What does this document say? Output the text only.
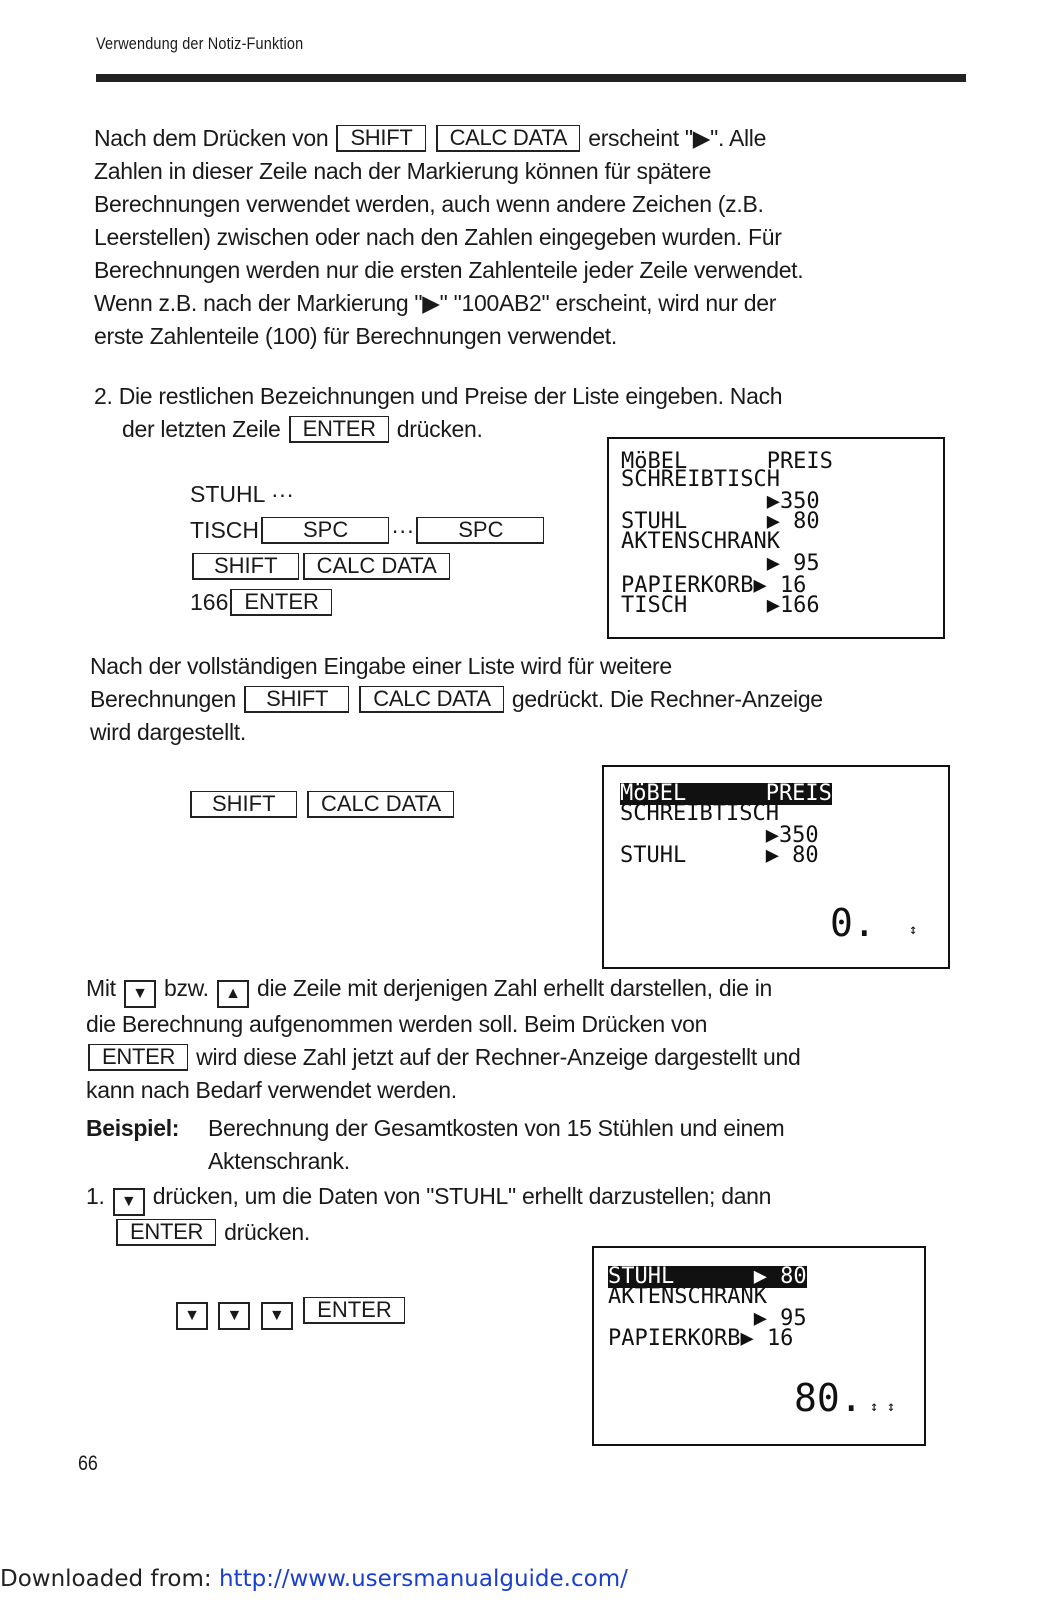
Verwendung der Notiz-Funktion
Nach dem Drücken von SHIFT CALC DATA erscheint "▶". Alle
Zahlen in dieser Zeile nach der Markierung können für spätere
Berechnungen verwendet werden, auch wenn andere Zeichen (z.B.
Leerstellen) zwischen oder nach den Zahlen eingegeben wurden. Für
Berechnungen werden nur die ersten Zahlenteile jeder Zeile verwendet.
Wenn z.B. nach der Markierung "▶" "100AB2" erscheint, wird nur der
erste Zahlenteile (100) für Berechnungen verwendet.
2. Die restlichen Bezeichnungen und Preise der Liste eingeben. Nach
der letzten Zeile ENTER drücken.
STUHL ···
TISCH SPC ··· SPC
SHIFT CALC DATA
166 ENTER
MöBEL      PREIS
SCHREIBTISCH
▶350
STUHL      ▶ 80
AKTENSCHRANK
▶ 95
PAPIERKORB▶ 16
TISCH      ▶166
Nach der vollständigen Eingabe einer Liste wird für weitere
Berechnungen SHIFT CALC DATA gedrückt. Die Rechner-Anzeige
wird dargestellt.
SHIFT CALC DATA	MöBEL      PREIS
SCHREIBTISCH
▶350
STUHL      ▶ 80
0. ↕
Mit ▼ bzw. ▲ die Zeile mit derjenigen Zahl erhellt darstellen, die in
die Berechnung aufgenommen werden soll. Beim Drücken von
ENTER wird diese Zahl jetzt auf der Rechner-Anzeige dargestellt und
kann nach Bedarf verwendet werden.
Beispiel: Berechnung der Gesamtkosten von 15 Stühlen und einem
Aktenschrank.
1. ▼ drücken, um die Daten von "STUHL" erhellt darzustellen; dann
ENTER drücken.
▼ ▼ ▼ ENTER
STUHL      ▶ 80
AKTENSCHRANK
▶ 95
PAPIERKORB▶ 16
80. ↕ ↕
66
Downloaded from: http://www.usersmanualguide.com/
